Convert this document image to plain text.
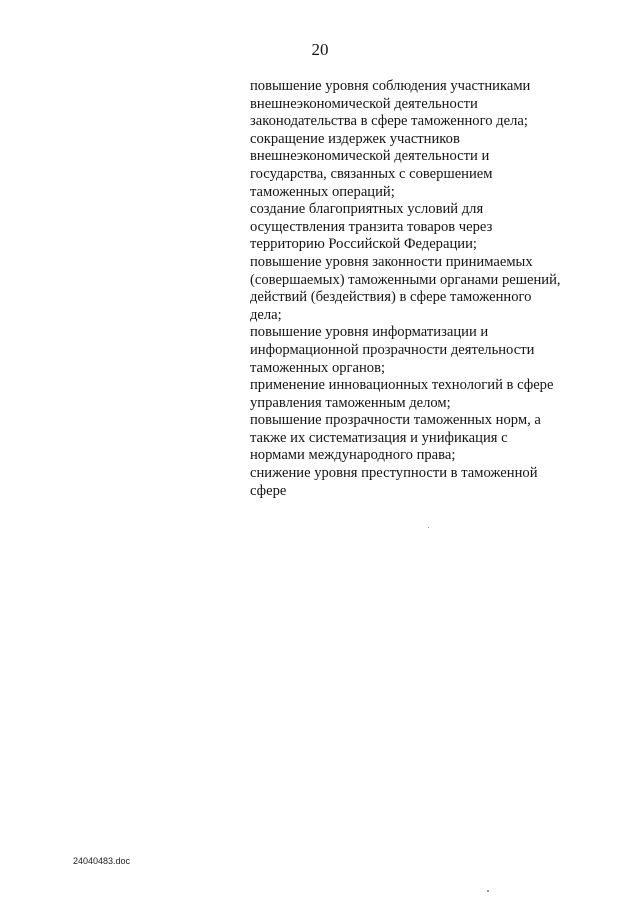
20
повышение уровня соблюдения участниками
внешнеэкономической деятельности
законодательства в сфере таможенного дела;
сокращение издержек участников
внешнеэкономической деятельности и
государства, связанных с совершением
таможенных операций;
создание благоприятных условий для
осуществления транзита товаров через
территорию Российской Федерации;
повышение уровня законности принимаемых
(совершаемых) таможенными органами решений,
действий (бездействия) в сфере таможенного
дела;
повышение уровня информатизации и
информационной прозрачности деятельности
таможенных органов;
применение инновационных технологий в сфере
управления таможенным делом;
повышение прозрачности таможенных норм, а
также их систематизация и унификация с
нормами международного права;
снижение уровня преступности в таможенной
сфере
24040483.doc
